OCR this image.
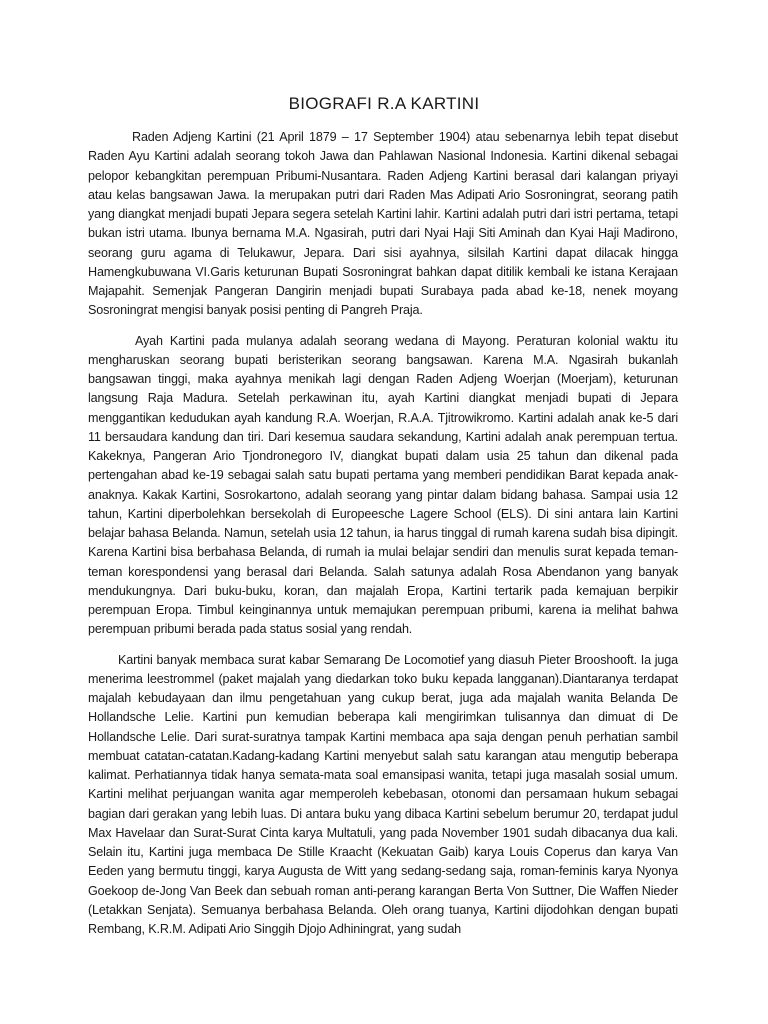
BIOGRAFI R.A KARTINI

Raden Adjeng Kartini (21 April 1879 – 17 September 1904) atau sebenarnya lebih tepat disebut Raden Ayu Kartini adalah seorang tokoh Jawa dan Pahlawan Nasional Indonesia. Kartini dikenal sebagai pelopor kebangkitan perempuan Pribumi-Nusantara. Raden Adjeng Kartini berasal dari kalangan priyayi atau kelas bangsawan Jawa. Ia merupakan putri dari Raden Mas Adipati Ario Sosroningrat, seorang patih yang diangkat menjadi bupati Jepara segera setelah Kartini lahir. Kartini adalah putri dari istri pertama, tetapi bukan istri utama. Ibunya bernama M.A. Ngasirah, putri dari Nyai Haji Siti Aminah dan Kyai Haji Madirono, seorang guru agama di Telukawur, Jepara. Dari sisi ayahnya, silsilah Kartini dapat dilacak hingga Hamengkubuwana VI.Garis keturunan Bupati Sosroningrat bahkan dapat ditilik kembali ke istana Kerajaan Majapahit. Semenjak Pangeran Dangirin menjadi bupati Surabaya pada abad ke-18, nenek moyang Sosroningrat mengisi banyak posisi penting di Pangreh Praja.

Ayah Kartini pada mulanya adalah seorang wedana di Mayong. Peraturan kolonial waktu itu mengharuskan seorang bupati beristerikan seorang bangsawan. Karena M.A. Ngasirah bukanlah bangsawan tinggi, maka ayahnya menikah lagi dengan Raden Adjeng Woerjan (Moerjam), keturunan langsung Raja Madura. Setelah perkawinan itu, ayah Kartini diangkat menjadi bupati di Jepara menggantikan kedudukan ayah kandung R.A. Woerjan, R.A.A. Tjitrowikromo. Kartini adalah anak ke-5 dari 11 bersaudara kandung dan tiri. Dari kesemua saudara sekandung, Kartini adalah anak perempuan tertua. Kakeknya, Pangeran Ario Tjondronegoro IV, diangkat bupati dalam usia 25 tahun dan dikenal pada pertengahan abad ke-19 sebagai salah satu bupati pertama yang memberi pendidikan Barat kepada anak-anaknya. Kakak Kartini, Sosrokartono, adalah seorang yang pintar dalam bidang bahasa. Sampai usia 12 tahun, Kartini diperbolehkan bersekolah di Europeesche Lagere School (ELS). Di sini antara lain Kartini belajar bahasa Belanda. Namun, setelah usia 12 tahun, ia harus tinggal di rumah karena sudah bisa dipingit. Karena Kartini bisa berbahasa Belanda, di rumah ia mulai belajar sendiri dan menulis surat kepada teman-teman korespondensi yang berasal dari Belanda. Salah satunya adalah Rosa Abendanon yang banyak mendukungnya. Dari buku-buku, koran, dan majalah Eropa, Kartini tertarik pada kemajuan berpikir perempuan Eropa. Timbul keinginannya untuk memajukan perempuan pribumi, karena ia melihat bahwa perempuan pribumi berada pada status sosial yang rendah.

Kartini banyak membaca surat kabar Semarang De Locomotief yang diasuh Pieter Brooshooft. Ia juga menerima leestrommel (paket majalah yang diedarkan toko buku kepada langganan).Diantaranya terdapat majalah kebudayaan dan ilmu pengetahuan yang cukup berat, juga ada majalah wanita Belanda De Hollandsche Lelie. Kartini pun kemudian beberapa kali mengirimkan tulisannya dan dimuat di De Hollandsche Lelie. Dari surat-suratnya tampak Kartini membaca apa saja dengan penuh perhatian sambil membuat catatan-catatan.Kadang-kadang Kartini menyebut salah satu karangan atau mengutip beberapa kalimat. Perhatiannya tidak hanya semata-mata soal emansipasi wanita, tetapi juga masalah sosial umum. Kartini melihat perjuangan wanita agar memperoleh kebebasan, otonomi dan persamaan hukum sebagai bagian dari gerakan yang lebih luas. Di antara buku yang dibaca Kartini sebelum berumur 20, terdapat judul Max Havelaar dan Surat-Surat Cinta karya Multatuli, yang pada November 1901 sudah dibacanya dua kali. Selain itu, Kartini juga membaca De Stille Kraacht (Kekuatan Gaib) karya Louis Coperus dan karya Van Eeden yang bermutu tinggi, karya Augusta de Witt yang sedang-sedang saja, roman-feminis karya Nyonya Goekoop de-Jong Van Beek dan sebuah roman anti-perang karangan Berta Von Suttner, Die Waffen Nieder (Letakkan Senjata). Semuanya berbahasa Belanda. Oleh orang tuanya, Kartini dijodohkan dengan bupati Rembang, K.R.M. Adipati Ario Singgih Djojo Adhiningrat, yang sudah
